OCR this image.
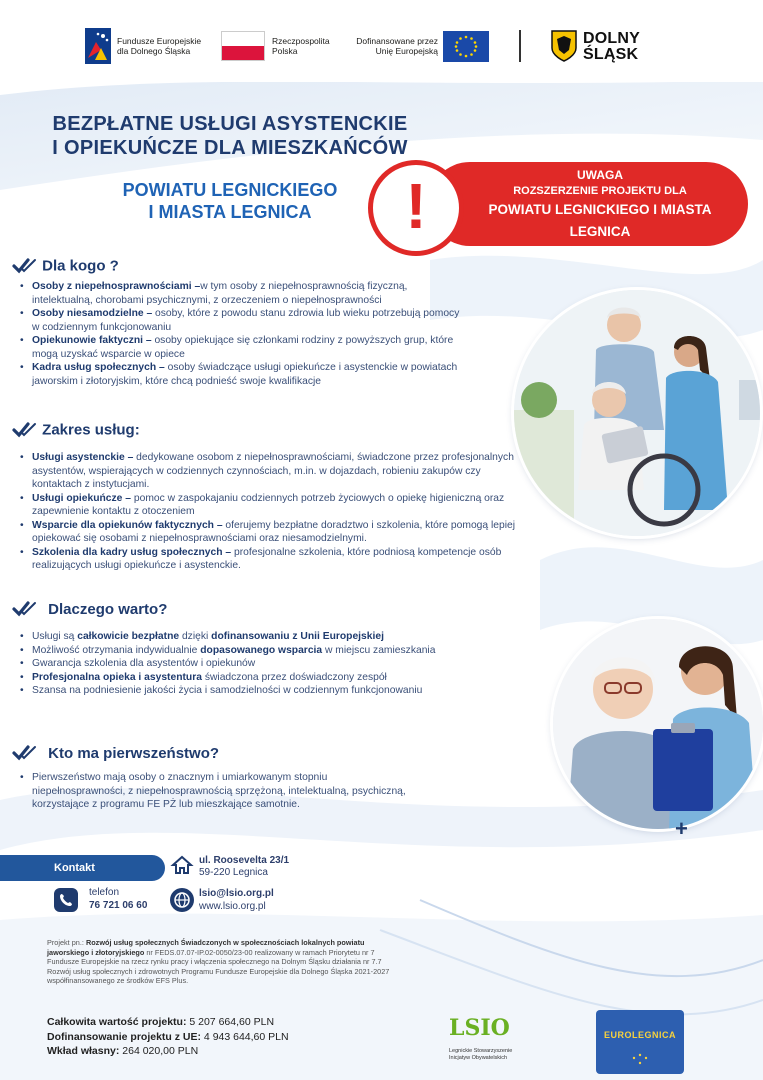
Fundusze Europejskie
dla Dolnego Śląska
Rzeczpospolita
Polska
Dofinansowane przez
Unię Europejską
DOLNY
ŚLĄSK
BEZPŁATNE USŁUGI ASYSTENCKIE
I OPIEKUŃCZE DLA MIESZKAŃCÓW
POWIATU LEGNICKIEGO
I MIASTA LEGNICA	!	UWAGA
ROZSZERZENIE PROJEKTU DLA
POWIATU LEGNICKIEGO I MIASTA
LEGNICA
Dla kogo ?
• Osoby z niepełnosprawnościami –w tym osoby z niepełnosprawnością fizyczną, intelektualną, chorobami psychicznymi, z orzeczeniem o niepełnosprawności
• Osoby niesamodzielne – osoby, które z powodu stanu zdrowia lub wieku potrzebują pomocy w codziennym funkcjonowaniu
• Opiekunowie faktyczni – osoby opiekujące się członkami rodziny z powyższych grup, które mogą uzyskać wsparcie w opiece
• Kadra usług społecznych – osoby świadczące usługi opiekuńcze i asystenckie w powiatach jaworskim i złotoryjskim, które chcą podnieść swoje kwalifikacje
Zakres usług:
• Usługi asystenckie – dedykowane osobom z niepełnosprawnościami, świadczone przez profesjonalnych asystentów, wspierających w codziennych czynnościach, m.in. w dojazdach, robieniu zakupów czy kontaktach z instytucjami.
• Usługi opiekuńcze – pomoc w zaspokajaniu codziennych potrzeb życiowych o opiekę higieniczną oraz zapewnienie kontaktu z otoczeniem
• Wsparcie dla opiekunów faktycznych – oferujemy bezpłatne doradztwo i szkolenia, które pomogą lepiej opiekować się osobami z niepełnosprawnościami oraz niesamodzielnymi.
• Szkolenia dla kadry usług społecznych – profesjonalne szkolenia, które podniosą kompetencje osób realizujących usługi opiekuńcze i asystenckie.
Dlaczego warto?
• Usługi są całkowicie bezpłatne dzięki dofinansowaniu z Unii Europejskiej
• Możliwość otrzymania indywidualnie dopasowanego wsparcia w miejscu zamieszkania
• Gwarancja szkolenia dla asystentów i opiekunów
• Profesjonalna opieka i asystentura świadczona przez doświadczony zespół
• Szansa na podniesienie jakości życia i samodzielności w codziennym funkcjonowaniu
Kto ma pierwszeństwo?
• Pierwszeństwo mają osoby o znacznym i umiarkowanym stopniu niepełnosprawności, z niepełnosprawnością sprzężoną, intelektualną, psychiczną, korzystające z programu FE PŻ lub mieszkające samotnie.
+
Kontakt
telefon
76 721 06 60
ul. Roosevelta 23/1
59-220 Legnica
lsio@lsio.org.pl
www.lsio.org.pl
Projekt pn.: Rozwój usług społecznych Świadczonych w społecznościach lokalnych powiatu jaworskiego i złotoryjskiego nr FEDS.07.07-IP.02-0050/23-00 realizowany w ramach Priorytetu nr 7 Fundusze Europejskie na rzecz rynku pracy i włączenia społecznego na Dolnym Śląsku działania nr 7.7 Rozwój usług społecznych i zdrowotnych Programu Fundusze Europejskie dla Dolnego Śląska 2021-2027 współfinansowanego ze środków EFS Plus.
Całkowita wartość projektu: 5 207 664,60 PLN
Dofinansowanie projektu z UE: 4 943 644,60 PLN
Wkład własny: 264 020,00 PLN
LSIO
Legnickie Stowarzyszenie
Inicjatyw Obywatelskich
EUROLEGNICA
